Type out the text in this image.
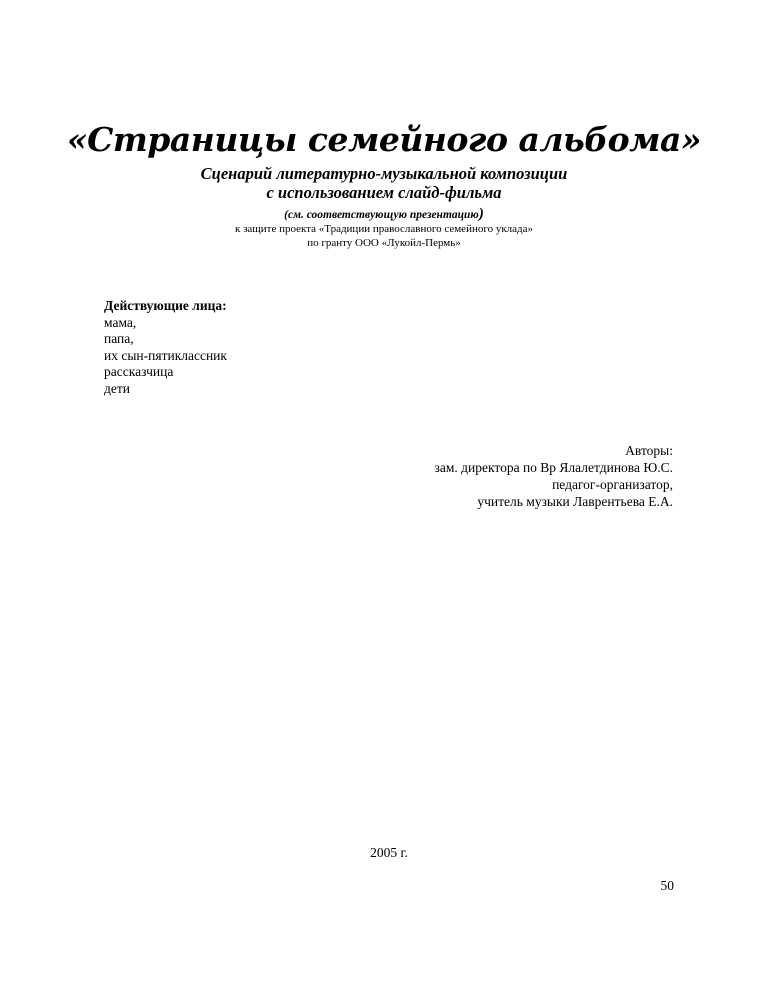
«Страницы семейного альбома»
Сценарий литературно-музыкальной композиции
с использованием слайд-фильма
(см. соответствующую презентацию)
к защите проекта «Традиции православного семейного уклада»
по гранту ООО «Лукойл-Пермь»
Действующие лица:
мама,
папа,
их сын-пятиклассник
рассказчица
дети
Авторы:
зам. директора по Вр Ялалетдинова Ю.С.
педагог-организатор,
учитель музыки Лаврентьева Е.А.
2005 г.
50
